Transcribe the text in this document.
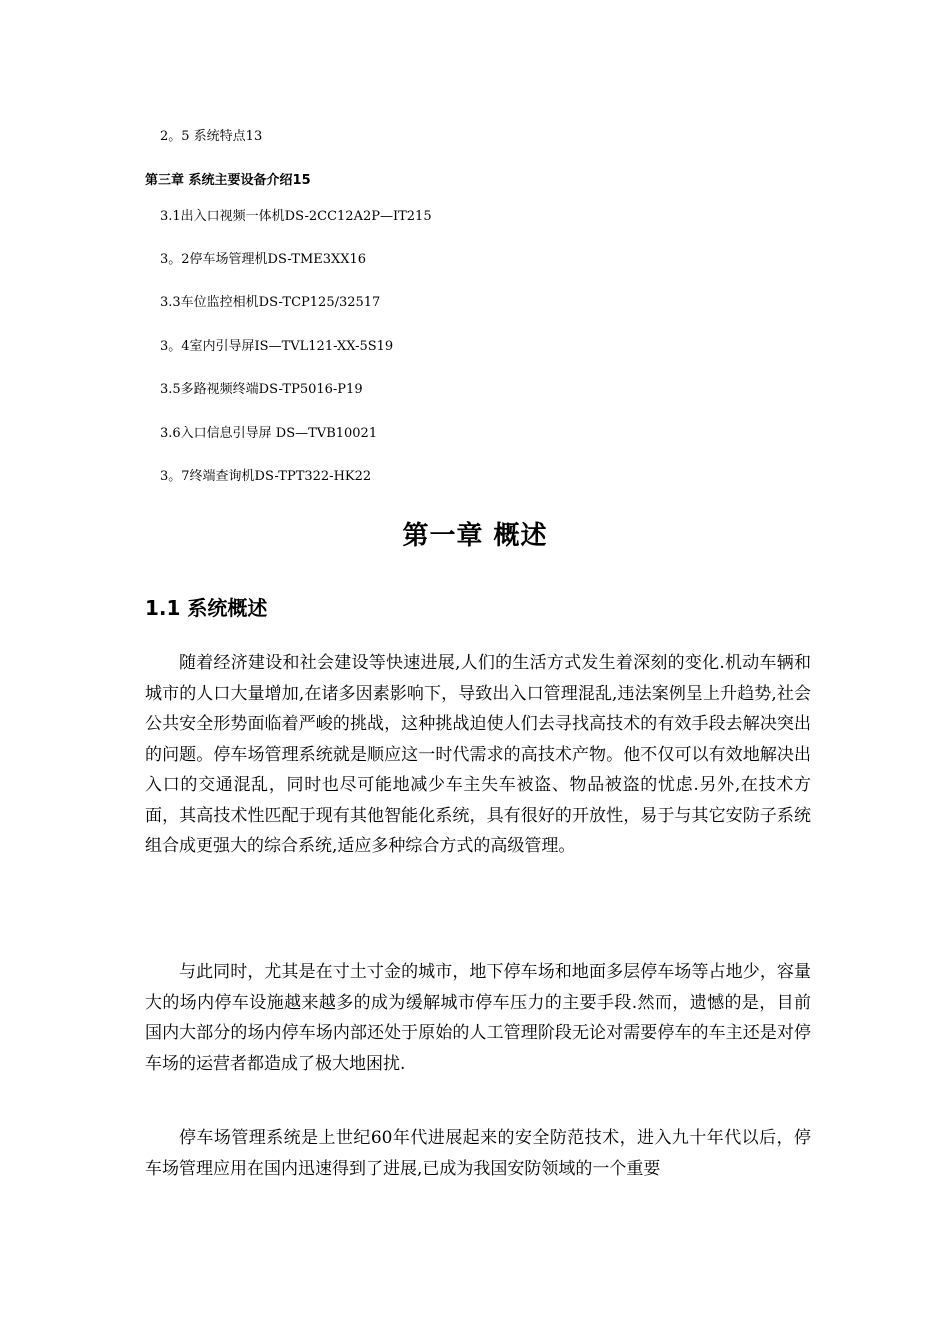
2。5 系统特点13
第三章 系统主要设备介绍15
3.1出入口视频一体机DS-2CC12A2P—IT215
3。2停车场管理机DS-TME3XX16
3.3车位监控相机DS-TCP125/32517
3。4室内引导屏IS—TVL121-XX-5S19
3.5多路视频终端DS-TP5016-P19
3.6入口信息引导屏 DS—TVB10021
3。7终端查询机DS-TPT322-HK22
第一章 概述
1.1 系统概述

随着经济建设和社会建设等快速进展,人们的生活方式发生着深刻的变化.机动车辆和城市的人口大量增加,在诸多因素影响下，导致出入口管理混乱,违法案例呈上升趋势,社会公共安全形势面临着严峻的挑战，这种挑战迫使人们去寻找高技术的有效手段去解决突出的问题。停车场管理系统就是顺应这一时代需求的高技术产物。他不仅可以有效地解决出入口的交通混乱，同时也尽可能地减少车主失车被盗、物品被盗的忧虑.另外,在技术方面，其高技术性匹配于现有其他智能化系统，具有很好的开放性，易于与其它安防子系统组合成更强大的综合系统,适应多种综合方式的高级管理。

与此同时，尤其是在寸土寸金的城市，地下停车场和地面多层停车场等占地少，容量大的场内停车设施越来越多的成为缓解城市停车压力的主要手段.然而，遗憾的是，目前国内大部分的场内停车场内部还处于原始的人工管理阶段无论对需要停车的车主还是对停车场的运营者都造成了极大地困扰.

停车场管理系统是上世纪60年代进展起来的安全防范技术，进入九十年代以后，停车场管理应用在国内迅速得到了进展,已成为我国安防领域的一个重要
